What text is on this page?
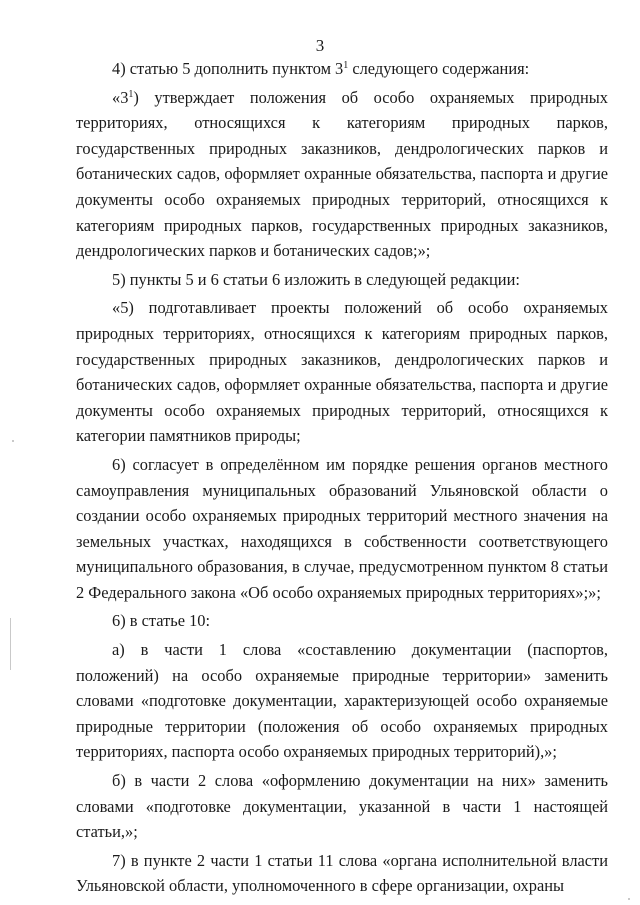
3

4) статью 5 дополнить пунктом $3^1$ следующего содержания:

«$3^1$) утверждает положения об особо охраняемых природных территориях, относящихся к категориям природных парков, государственных природных заказников, дендрологических парков и ботанических садов, оформляет охранные обязательства, паспорта и другие документы особо охраняемых природных территорий, относящихся к категориям природных парков, государственных природных заказников, дендрологических парков и ботанических садов;»;

5) пункты 5 и 6 статьи 6 изложить в следующей редакции:

«5) подготавливает проекты положений об особо охраняемых природных территориях, относящихся к категориям природных парков, государственных природных заказников, дендрологических парков и ботанических садов, оформляет охранные обязательства, паспорта и другие документы особо охраняемых природных территорий, относящихся к категории памятников природы;

6) согласует в определённом им порядке решения органов местного самоуправления муниципальных образований Ульяновской области о создании особо охраняемых природных территорий местного значения на земельных участках, находящихся в собственности соответствующего муниципального образования, в случае, предусмотренном пунктом 8 статьи 2 Федерального закона «Об особо охраняемых природных территориях»;»;

6) в статье 10:

а) в части 1 слова «составлению документации (паспортов, положений) на особо охраняемые природные территории» заменить словами «подготовке документации, характеризующей особо охраняемые природные территории (положения об особо охраняемых природных территориях, паспорта особо охраняемых природных территорий),»;

б) в части 2 слова «оформлению документации на них» заменить словами «подготовке документации, указанной в части 1 настоящей статьи,»;

7) в пункте 2 части 1 статьи 11 слова «органа исполнительной власти Ульяновской области, уполномоченного в сфере организации, охраны
